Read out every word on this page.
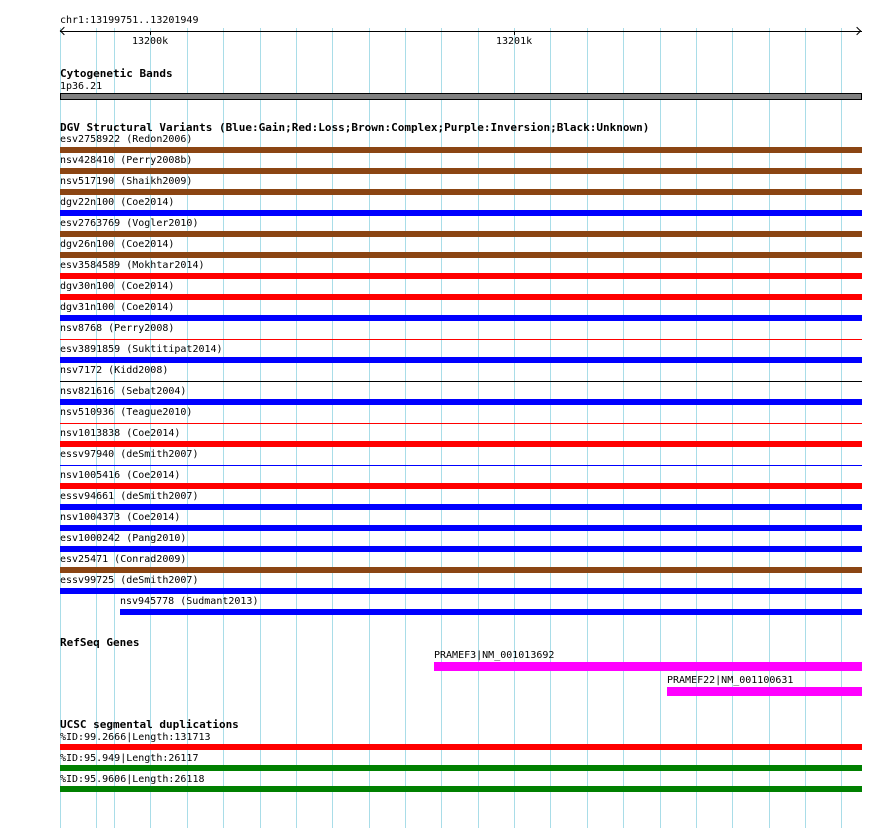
chr1:13199751..13201949
13200k	13201k
Cytogenetic Bands
1p36.21
DGV Structural Variants (Blue:Gain;Red:Loss;Brown:Complex;Purple:Inversion;Black:Unknown)
esv2758922 (Redon2006)
nsv428410 (Perry2008b)
nsv517190 (Shaikh2009)
dgv22n100 (Coe2014)
esv2763769 (Vogler2010)
dgv26n100 (Coe2014)
esv3584589 (Mokhtar2014)
dgv30n100 (Coe2014)
dgv31n100 (Coe2014)
nsv8768 (Perry2008)
esv3891859 (Suktitipat2014)
nsv7172 (Kidd2008)
nsv821616 (Sebat2004)
nsv510936 (Teague2010)
nsv1013838 (Coe2014)
essv97940 (deSmith2007)
nsv1005416 (Coe2014)
essv94661 (deSmith2007)
nsv1004373 (Coe2014)
esv1000242 (Pang2010)
esv25471 (Conrad2009)
essv99725 (deSmith2007)
nsv945778 (Sudmant2013)
RefSeq Genes
PRAMEF3|NM_001013692
PRAMEF22|NM_001100631
UCSC segmental duplications
%ID:99.2666|Length:131713
%ID:95.949|Length:26117
%ID:95.9606|Length:26118
